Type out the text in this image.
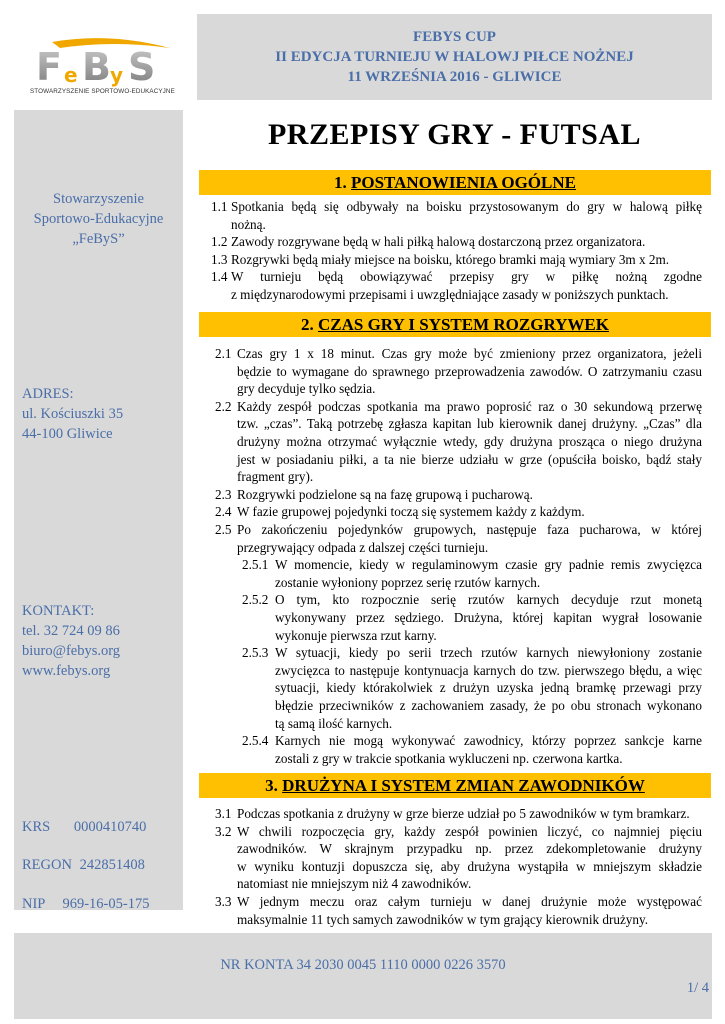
F e B y S
STOWARZYSZENIE SPORTOWO-EDUKACYJNE
FEBYS CUP
II EDYCJA TURNIEJU W HALOWJ PIŁCE NOŻNEJ
11 WRZEŚNIA 2016 - GLIWICE
Stowarzyszenie
Sportowo-Edukacyjne
„FeByS”
ADRES:
ul. Kościuszki 35
44-100 Gliwice
KONTAKT:
tel. 32 724 09 86
biuro@febys.org
www.febys.org
KRS 0000410740
REGON 242851408
NIP 969-16-05-175
PRZEPISY GRY - FUTSAL
1. POSTANOWIENIA OGÓLNE
2. CZAS GRY I SYSTEM ROZGRYWEK
3. DRUŻYNA I SYSTEM ZMIAN ZAWODNIKÓW
1.1 Spotkania będą się odbywały na boisku przystosowanym do gry w halową piłkę
nożną.
1.2 Zawody rozgrywane będą w hali piłką halową dostarczoną przez organizatora.
1.3 Rozgrywki będą miały miejsce na boisku, którego bramki mają wymiary 3m x 2m.
1.4 W turnieju będą obowiązywać przepisy gry w piłkę nożną zgodne
z międzynarodowymi przepisami i uwzględniające zasady w poniższych punktach.
2.1 Czas gry 1 x 18 minut. Czas gry może być zmieniony przez organizatora, jeżeli
będzie to wymagane do sprawnego przeprowadzenia zawodów. O zatrzymaniu czasu
gry decyduje tylko sędzia.
2.2 Każdy zespół podczas spotkania ma prawo poprosić raz o 30 sekundową przerwę
tzw. „czas”. Taką potrzebę zgłasza kapitan lub kierownik danej drużyny. „Czas” dla
drużyny można otrzymać wyłącznie wtedy, gdy drużyna prosząca o niego drużyna
jest w posiadaniu piłki, a ta nie bierze udziału w grze (opuściła boisko, bądź stały
fragment gry).
2.3 Rozgrywki podzielone są na fazę grupową i pucharową.
2.4 W fazie grupowej pojedynki toczą się systemem każdy z każdym.
2.5 Po zakończeniu pojedynków grupowych, następuje faza pucharowa, w której
przegrywający odpada z dalszej części turnieju.
2.5.1 W momencie, kiedy w regulaminowym czasie gry padnie remis zwycięzca
zostanie wyłoniony poprzez serię rzutów karnych.
2.5.2 O tym, kto rozpocznie serię rzutów karnych decyduje rzut monetą
wykonywany przez sędziego. Drużyna, której kapitan wygrał losowanie
wykonuje pierwsza rzut karny.
2.5.3 W sytuacji, kiedy po serii trzech rzutów karnych niewyłoniony zostanie
zwycięzca to następuje kontynuacja karnych do tzw. pierwszego błędu, a więc
sytuacji, kiedy którakolwiek z drużyn uzyska jedną bramkę przewagi przy
błędzie przeciwników z zachowaniem zasady, że po obu stronach wykonano
tą samą ilość karnych.
2.5.4 Karnych nie mogą wykonywać zawodnicy, którzy poprzez sankcje karne
zostali z gry w trakcie spotkania wykluczeni np. czerwona kartka.
3.1 Podczas spotkania z drużyny w grze bierze udział po 5 zawodników w tym bramkarz.
3.2 W chwili rozpoczęcia gry, każdy zespół powinien liczyć, co najmniej pięciu
zawodników. W skrajnym przypadku np. przez zdekompletowanie drużyny
w wyniku kontuzji dopuszcza się, aby drużyna wystąpiła w mniejszym składzie
natomiast nie mniejszym niż 4 zawodników.
3.3 W jednym meczu oraz całym turnieju w danej drużynie może występować
maksymalnie 11 tych samych zawodników w tym grający kierownik drużyny.
NR KONTA 34 2030 0045 1110 0000 0226 3570
1/ 4
